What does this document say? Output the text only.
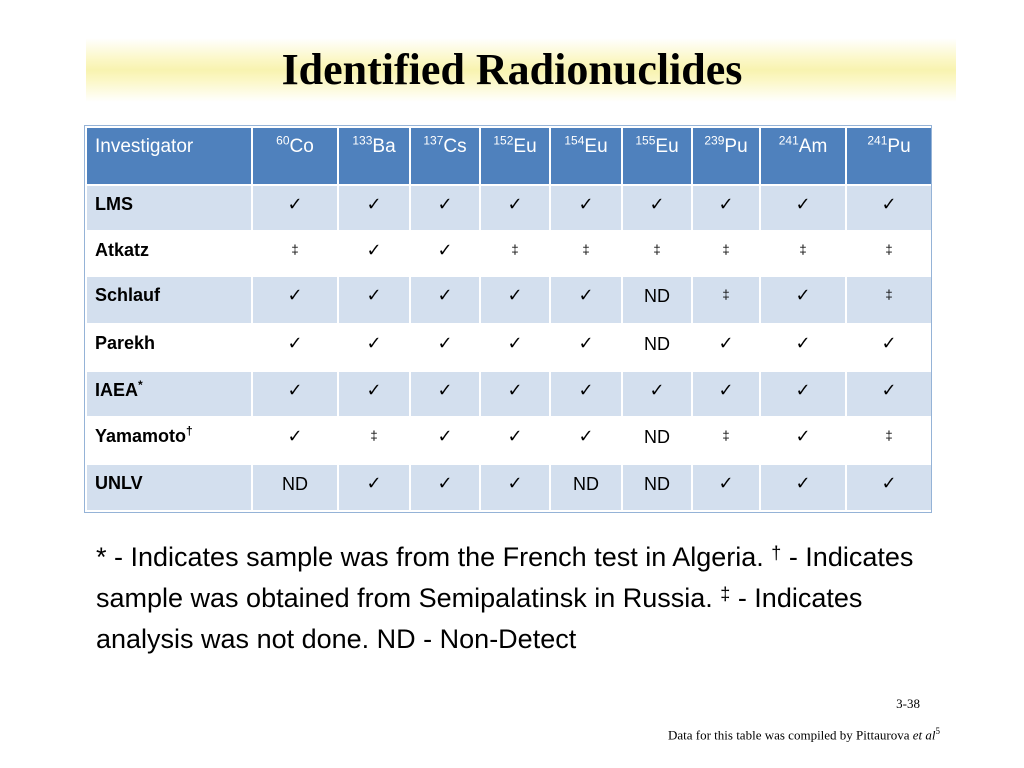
Identified Radionuclides
Investigator	$^{60}$Co	$^{133}$Ba	$^{137}$Cs	$^{152}$Eu	$^{154}$Eu	$^{155}$Eu	$^{239}$Pu	$^{241}$Am	$^{241}$Pu
LMS	✓	✓	✓	✓	✓	✓	✓	✓	✓
Atkatz	‡	✓	✓	‡	‡	‡	‡	‡	‡
Schlauf	✓	✓	✓	✓	✓	ND	‡	✓	‡
Parekh	✓	✓	✓	✓	✓	ND	✓	✓	✓
IAEA*	✓	✓	✓	✓	✓	✓	✓	✓	✓
Yamamoto†	✓	‡	✓	✓	✓	ND	‡	✓	‡
UNLV	ND	✓	✓	✓	ND	ND	✓	✓	✓
* - Indicates sample was from the French test in Algeria. † - Indicates sample was obtained from Semipalatinsk in Russia. ‡ - Indicates analysis was not done. ND - Non-Detect
3-38
Data for this table was compiled by Pittaurova et $al^5$
